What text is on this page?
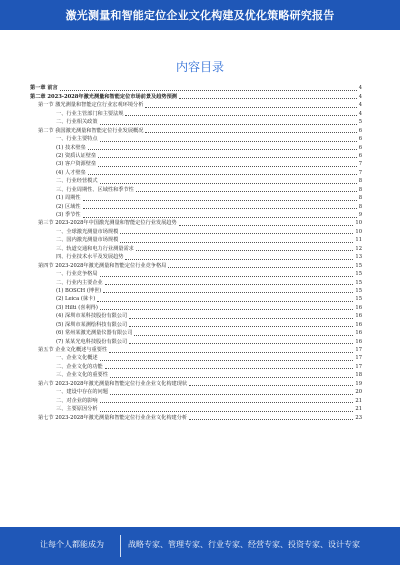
激光测量和智能定位企业文化构建及优化策略研究报告
内容目录
第一章 前言	4
第二章 2023-2028年激光测量和智能定位市场前景及趋势预测	4
第一节 激光测量和智能定位行业宏观环境分析	4
一、行业主管部门和主要法规	4
二、行业相关政策	5
第二节 我国激光测量和智能定位行业发展概况	6
一、行业主要特点	6
(1) 技术壁垒	6
(2) 资质认证壁垒	6
(3) 客户资源壁垒	7
(4) 人才壁垒	7
二、行业经营模式	8
三、行业周期性、区域性和季节性	8
(1) 周期性	8
(2) 区域性	8
(3) 季节性	9
第三节 2023-2028年中国激光测量和智能定位行业发展趋势	10
一、全球激光测量市场规模	10
二、国内激光测量市场规模	11
三、轨道交通和电力行业测量需求	12
四、行业技术水平及发展趋势	13
第四节 2023-2028年激光测量和智能定位行业竞争格局	15
一、行业竞争格局	15
二、行业内主要企业	15
(1) BOSCH (博世)	15
(2) Leica (徕卡)	15
(3) Hilti (喜利得)	16
(4) 深圳市某科技股份有限公司	16
(5) 深圳市某测绘科技有限公司	16
(6) 常州某激光测量仪器有限公司	16
(7) 某某光电科技股份有限公司	16
第五节 企业文化概述与重要性	17
一、企业文化概述	17
二、企业文化的功能	17
三、企业文化的重要性	18
第六节 2023-2028年激光测量和智能定位行业企业文化构建现状	19
一、建设中存在的问题	20
二、对企业的影响	21
三、主要原因分析	21
第七节 2023-2028年激光测量和智能定位行业企业文化构建分析	23
让每个人都能成为	战略专家、管理专家、行业专家、经营专家、投资专家、设计专家
